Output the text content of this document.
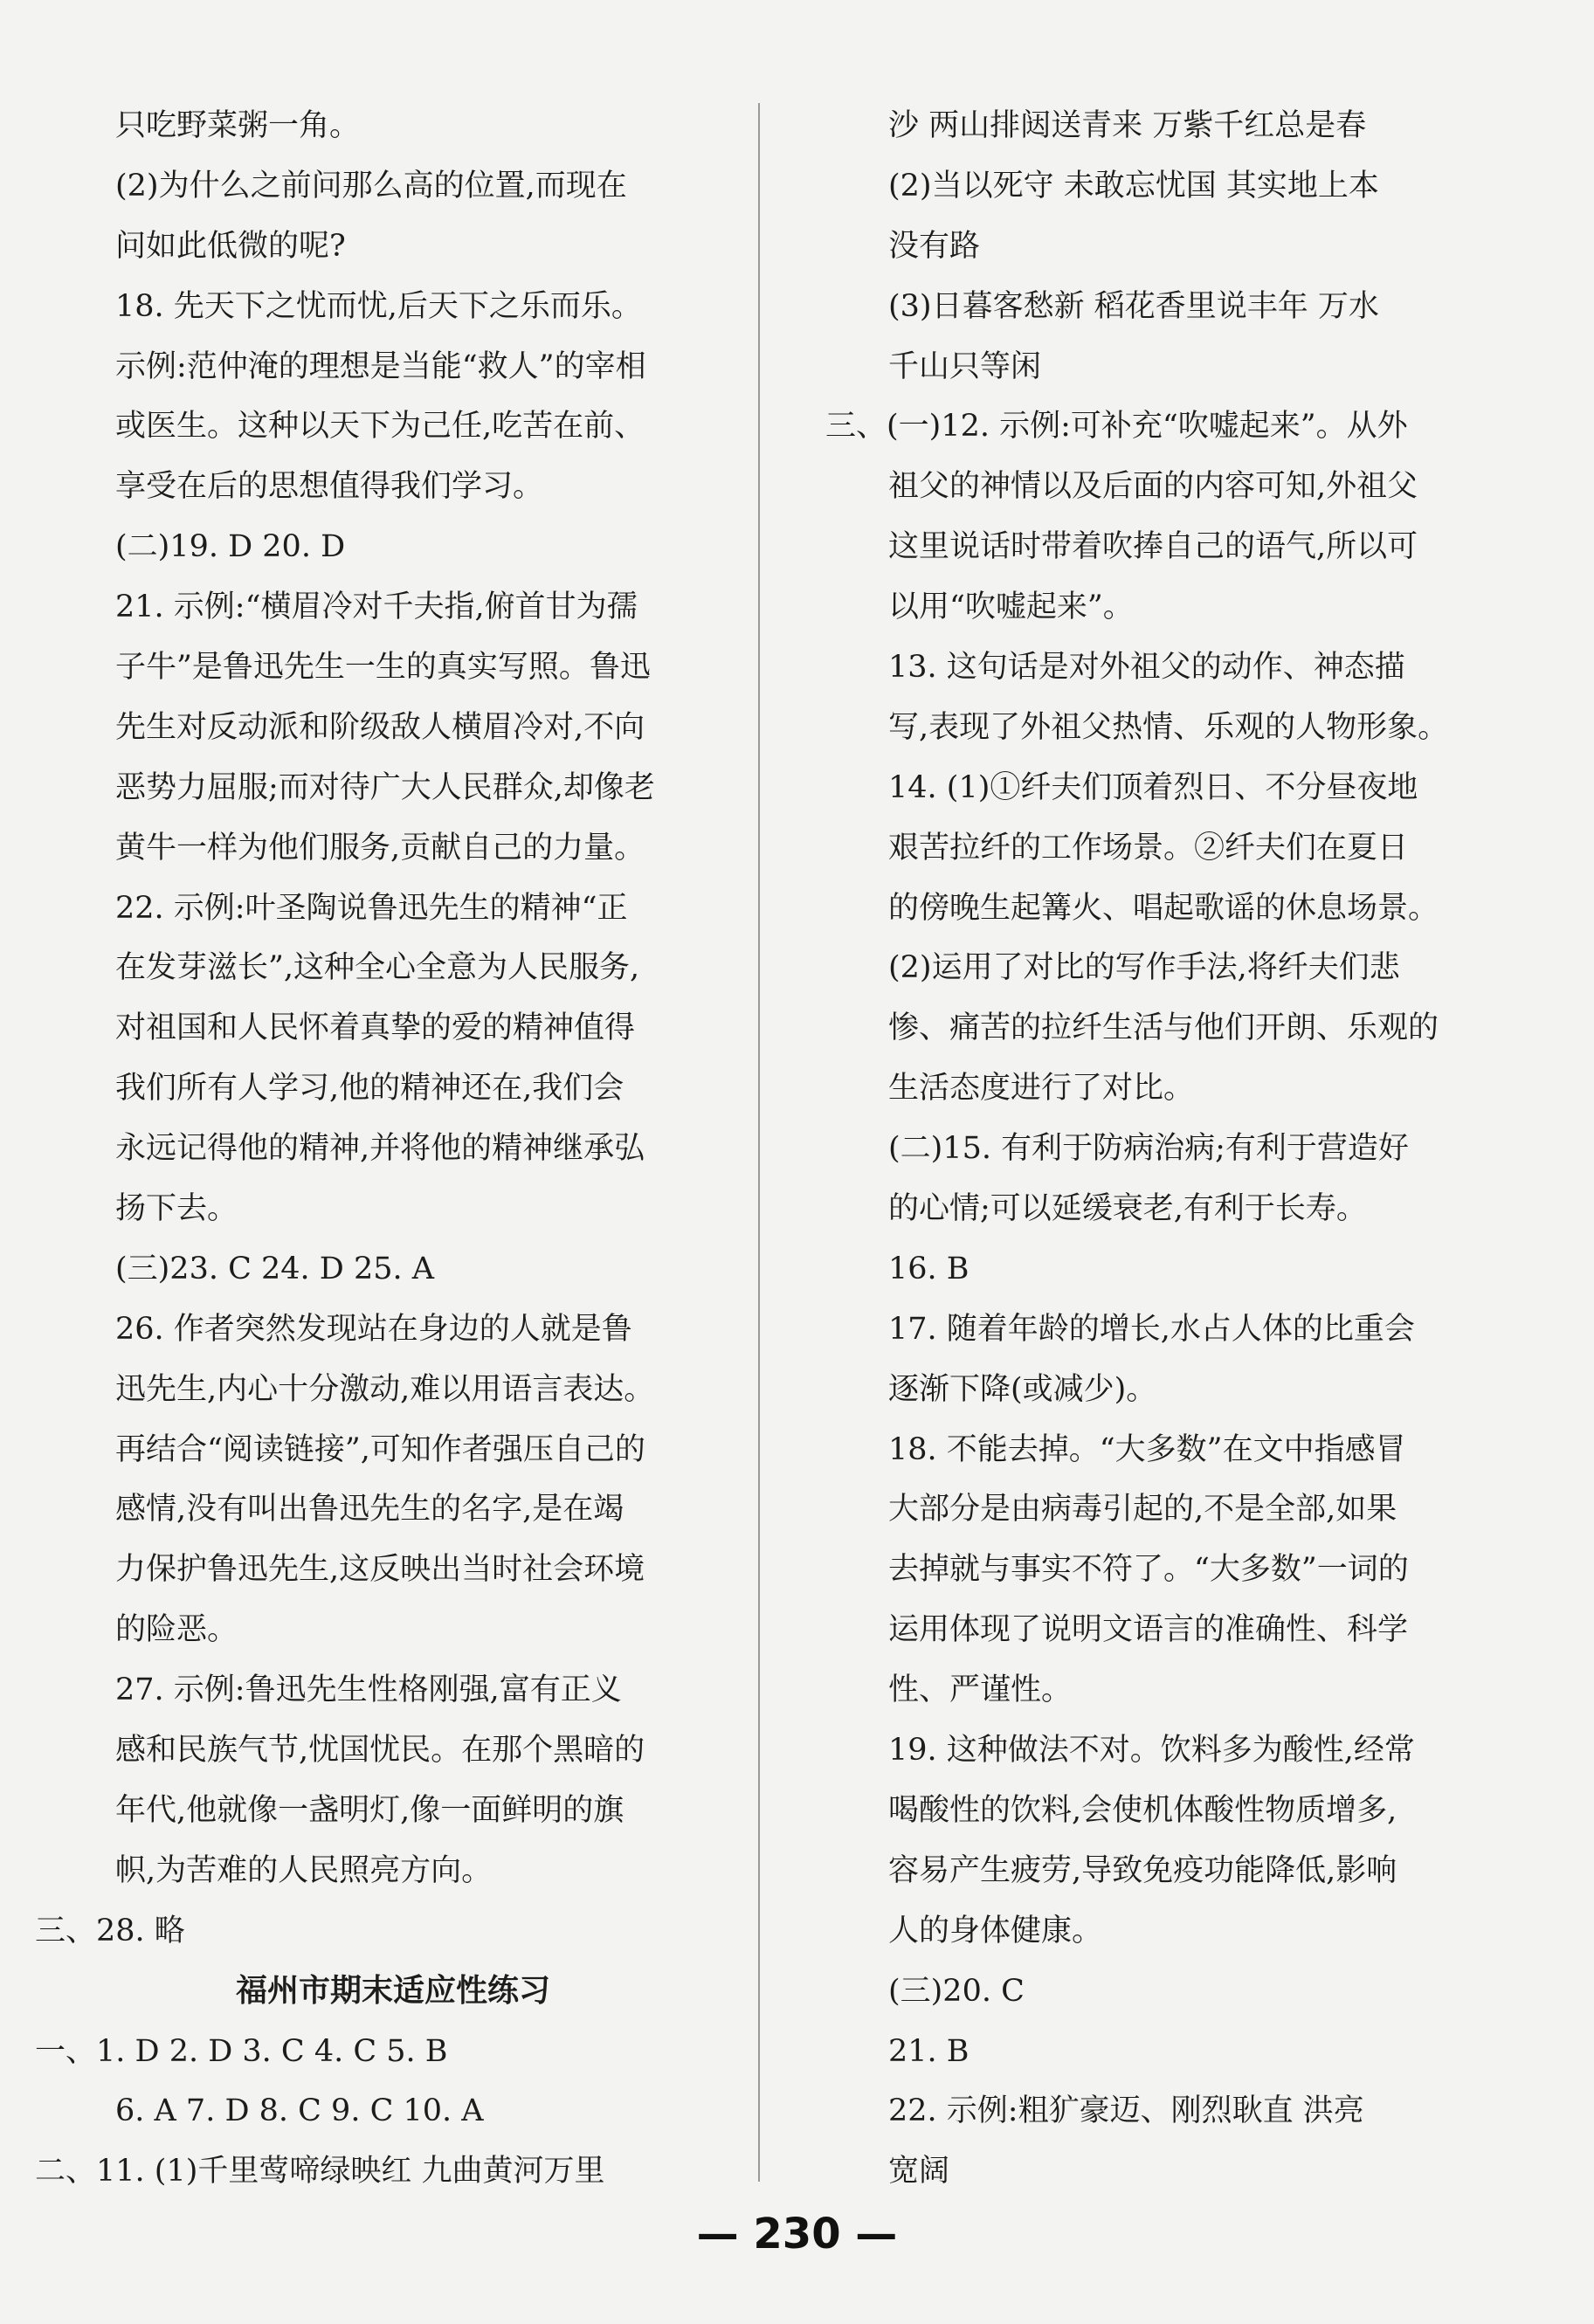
只吃野菜粥一角。
(2)为什么之前问那么高的位置,而现在
问如此低微的呢?
18. 先天下之忧而忧,后天下之乐而乐。
示例:范仲淹的理想是当能“救人”的宰相
或医生。这种以天下为己任,吃苦在前、
享受在后的思想值得我们学习。
(二)19. D 20. D
21. 示例:“横眉冷对千夫指,俯首甘为孺
子牛”是鲁迅先生一生的真实写照。鲁迅
先生对反动派和阶级敌人横眉冷对,不向
恶势力屈服;而对待广大人民群众,却像老
黄牛一样为他们服务,贡献自己的力量。
22. 示例:叶圣陶说鲁迅先生的精神“正
在发芽滋长”,这种全心全意为人民服务,
对祖国和人民怀着真挚的爱的精神值得
我们所有人学习,他的精神还在,我们会
永远记得他的精神,并将他的精神继承弘
扬下去。
(三)23. C 24. D 25. A
26. 作者突然发现站在身边的人就是鲁
迅先生,内心十分激动,难以用语言表达。
再结合“阅读链接”,可知作者强压自己的
感情,没有叫出鲁迅先生的名字,是在竭
力保护鲁迅先生,这反映出当时社会环境
的险恶。
27. 示例:鲁迅先生性格刚强,富有正义
感和民族气节,忧国忧民。在那个黑暗的
年代,他就像一盏明灯,像一面鲜明的旗
帜,为苦难的人民照亮方向。
三、28. 略
福州市期末适应性练习
一、1. D 2. D 3. C 4. C 5. B
6. A 7. D 8. C 9. C 10. A
二、11. (1)千里莺啼绿映红 九曲黄河万里
沙 两山排闼送青来 万紫千红总是春
(2)当以死守 未敢忘忧国 其实地上本
没有路
(3)日暮客愁新 稻花香里说丰年 万水
千山只等闲
三、(一)12. 示例:可补充“吹嘘起来”。从外
祖父的神情以及后面的内容可知,外祖父
这里说话时带着吹捧自己的语气,所以可
以用“吹嘘起来”。
13. 这句话是对外祖父的动作、神态描
写,表现了外祖父热情、乐观的人物形象。
14. (1)①纤夫们顶着烈日、不分昼夜地
艰苦拉纤的工作场景。②纤夫们在夏日
的傍晚生起篝火、唱起歌谣的休息场景。
(2)运用了对比的写作手法,将纤夫们悲
惨、痛苦的拉纤生活与他们开朗、乐观的
生活态度进行了对比。
(二)15. 有利于防病治病;有利于营造好
的心情;可以延缓衰老,有利于长寿。
16. B
17. 随着年龄的增长,水占人体的比重会
逐渐下降(或减少)。
18. 不能去掉。“大多数”在文中指感冒
大部分是由病毒引起的,不是全部,如果
去掉就与事实不符了。“大多数”一词的
运用体现了说明文语言的准确性、科学
性、严谨性。
19. 这种做法不对。饮料多为酸性,经常
喝酸性的饮料,会使机体酸性物质增多,
容易产生疲劳,导致免疫功能降低,影响
人的身体健康。
(三)20. C
21. B
22. 示例:粗犷豪迈、刚烈耿直 洪亮
宽阔
— 230 —
